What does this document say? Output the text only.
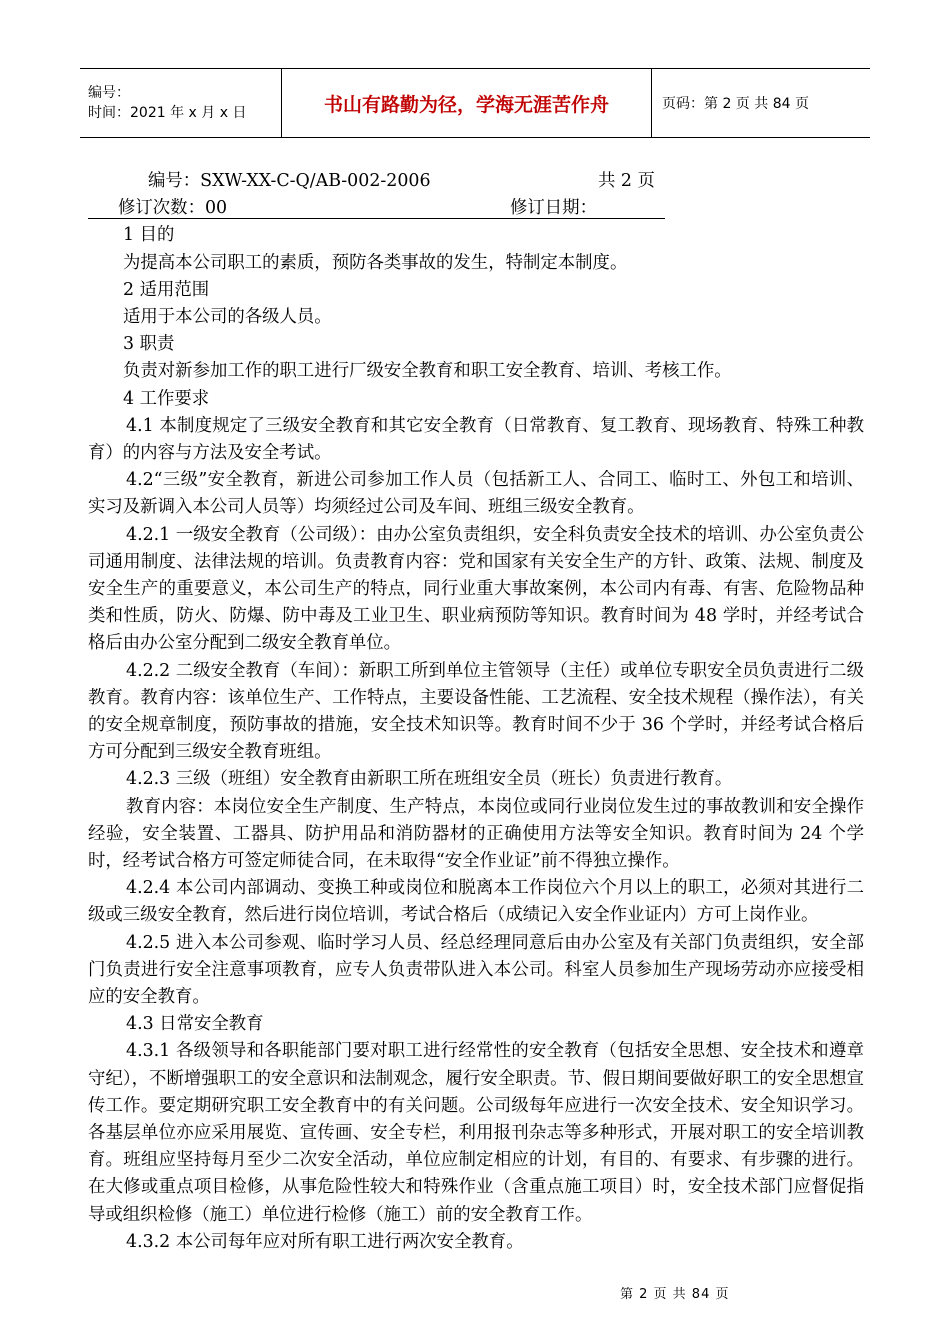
编号：
时间：2021 年 x 月 x 日	书山有路勤为径，学海无涯苦作舟	页码：第 2 页 共 84 页
编号：SXW-XX-C-Q/AB-002-2006	共 2 页
修订次数：00	修订日期：

1 目的

为提高本公司职工的素质，预防各类事故的发生，特制定本制度。

2 适用范围

适用于本公司的各级人员。

3 职责

负责对新参加工作的职工进行厂级安全教育和职工安全教育、培训、考核工作。

4 工作要求

4.1 本制度规定了三级安全教育和其它安全教育（日常教育、复工教育、现场教育、特殊工种教育）的内容与方法及安全考试。

4.2“三级”安全教育，新进公司参加工作人员（包括新工人、合同工、临时工、外包工和培训、实习及新调入本公司人员等）均须经过公司及车间、班组三级安全教育。

4.2.1 一级安全教育（公司级）：由办公室负责组织，安全科负责安全技术的培训、办公室负责公司通用制度、法律法规的培训。负责教育内容：党和国家有关安全生产的方针、政策、法规、制度及安全生产的重要意义，本公司生产的特点，同行业重大事故案例，本公司内有毒、有害、危险物品种类和性质，防火、防爆、防中毒及工业卫生、职业病预防等知识。教育时间为 48 学时，并经考试合格后由办公室分配到二级安全教育单位。

4.2.2 二级安全教育（车间）：新职工所到单位主管领导（主任）或单位专职安全员负责进行二级教育。教育内容：该单位生产、工作特点，主要设备性能、工艺流程、安全技术规程（操作法），有关的安全规章制度，预防事故的措施，安全技术知识等。教育时间不少于 36 个学时，并经考试合格后方可分配到三级安全教育班组。

4.2.3 三级（班组）安全教育由新职工所在班组安全员（班长）负责进行教育。

教育内容：本岗位安全生产制度、生产特点，本岗位或同行业岗位发生过的事故教训和安全操作经验，安全装置、工器具、防护用品和消防器材的正确使用方法等安全知识。教育时间为 24 个学时，经考试合格方可签定师徒合同，在未取得“安全作业证”前不得独立操作。

4.2.4 本公司内部调动、变换工种或岗位和脱离本工作岗位六个月以上的职工，必须对其进行二级或三级安全教育，然后进行岗位培训，考试合格后（成绩记入安全作业证内）方可上岗作业。

4.2.5 进入本公司参观、临时学习人员、经总经理同意后由办公室及有关部门负责组织，安全部门负责进行安全注意事项教育，应专人负责带队进入本公司。科室人员参加生产现场劳动亦应接受相应的安全教育。

4.3 日常安全教育

4.3.1 各级领导和各职能部门要对职工进行经常性的安全教育（包括安全思想、安全技术和遵章守纪），不断增强职工的安全意识和法制观念，履行安全职责。节、假日期间要做好职工的安全思想宣传工作。要定期研究职工安全教育中的有关问题。公司级每年应进行一次安全技术、安全知识学习。各基层单位亦应采用展览、宣传画、安全专栏，利用报刊杂志等多种形式，开展对职工的安全培训教育。班组应坚持每月至少二次安全活动，单位应制定相应的计划，有目的、有要求、有步骤的进行。在大修或重点项目检修，从事危险性较大和特殊作业（含重点施工项目）时，安全技术部门应督促指导或组织检修（施工）单位进行检修（施工）前的安全教育工作。

4.3.2 本公司每年应对所有职工进行两次安全教育。

第 2 页 共 84 页
